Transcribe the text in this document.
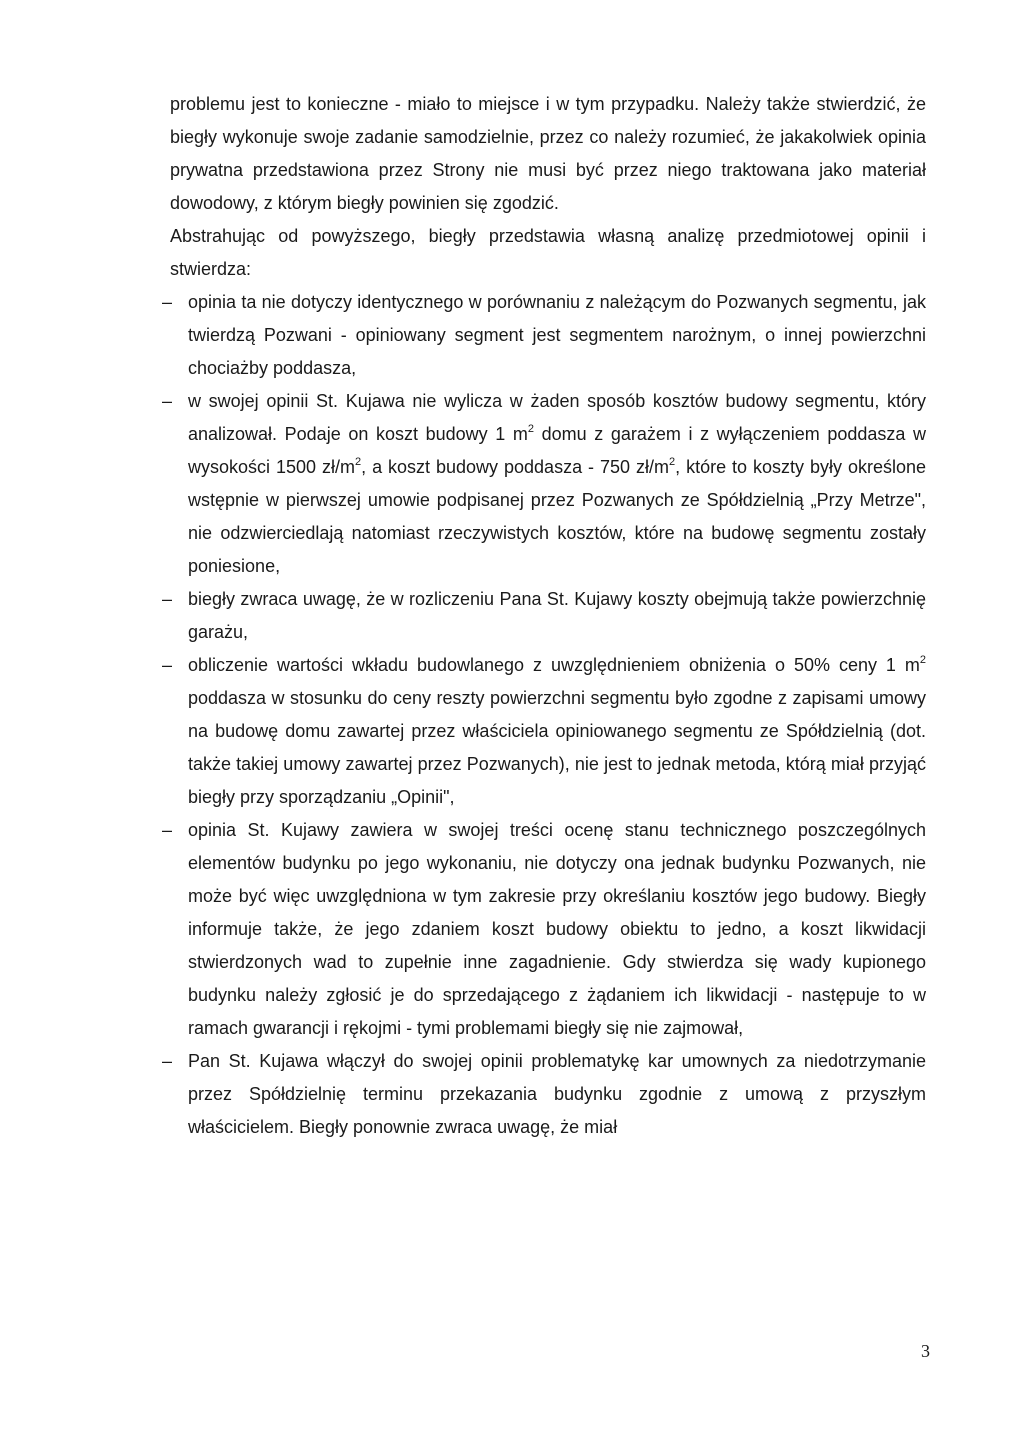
problemu jest to konieczne - miało to miejsce i w tym przypadku. Należy także stwierdzić, że biegły wykonuje swoje zadanie samodzielnie, przez co należy rozumieć, że jakakolwiek opinia prywatna przedstawiona przez Strony nie musi być przez niego traktowana jako materiał dowodowy, z którym biegły powinien się zgodzić.

Abstrahując od powyższego, biegły przedstawia własną analizę przedmiotowej opinii i stwierdza:

– opinia ta nie dotyczy identycznego w porównaniu z należącym do Pozwanych segmentu, jak twierdzą Pozwani - opiniowany segment jest segmentem narożnym, o innej powierzchni chociażby poddasza,
– w swojej opinii St. Kujawa nie wylicza w żaden sposób kosztów budowy segmentu, który analizował. Podaje on koszt budowy 1 $m^2$ domu z garażem i z wyłączeniem poddasza w wysokości 1500 $zł/m^2$, a koszt budowy poddasza - 750 $zł/m^2$, które to koszty były określone wstępnie w pierwszej umowie podpisanej przez Pozwanych ze Spółdzielnią „Przy Metrze", nie odzwierciedlają natomiast rzeczywistych kosztów, które na budowę segmentu zostały poniesione,
– biegły zwraca uwagę, że w rozliczeniu Pana St. Kujawy koszty obejmują także powierzchnię garażu,
– obliczenie wartości wkładu budowlanego z uwzględnieniem obniżenia o 50% ceny 1 $m^2$ poddasza w stosunku do ceny reszty powierzchni segmentu było zgodne z zapisami umowy na budowę domu zawartej przez właściciela opiniowanego segmentu ze Spółdzielnią (dot. także takiej umowy zawartej przez Pozwanych), nie jest to jednak metoda, którą miał przyjąć biegły przy sporządzaniu „Opinii",
– opinia St. Kujawy zawiera w swojej treści ocenę stanu technicznego poszczególnych elementów budynku po jego wykonaniu, nie dotyczy ona jednak budynku Pozwanych, nie może być więc uwzględniona w tym zakresie przy określaniu kosztów jego budowy. Biegły informuje także, że jego zdaniem koszt budowy obiektu to jedno, a koszt likwidacji stwierdzonych wad to zupełnie inne zagadnienie. Gdy stwierdza się wady kupionego budynku należy zgłosić je do sprzedającego z żądaniem ich likwidacji - następuje to w ramach gwarancji i rękojmi - tymi problemami biegły się nie zajmował,
– Pan St. Kujawa włączył do swojej opinii problematykę kar umownych za niedotrzymanie przez Spółdzielnię terminu przekazania budynku zgodnie z umową z przyszłym właścicielem. Biegły ponownie zwraca uwagę, że miał
3
